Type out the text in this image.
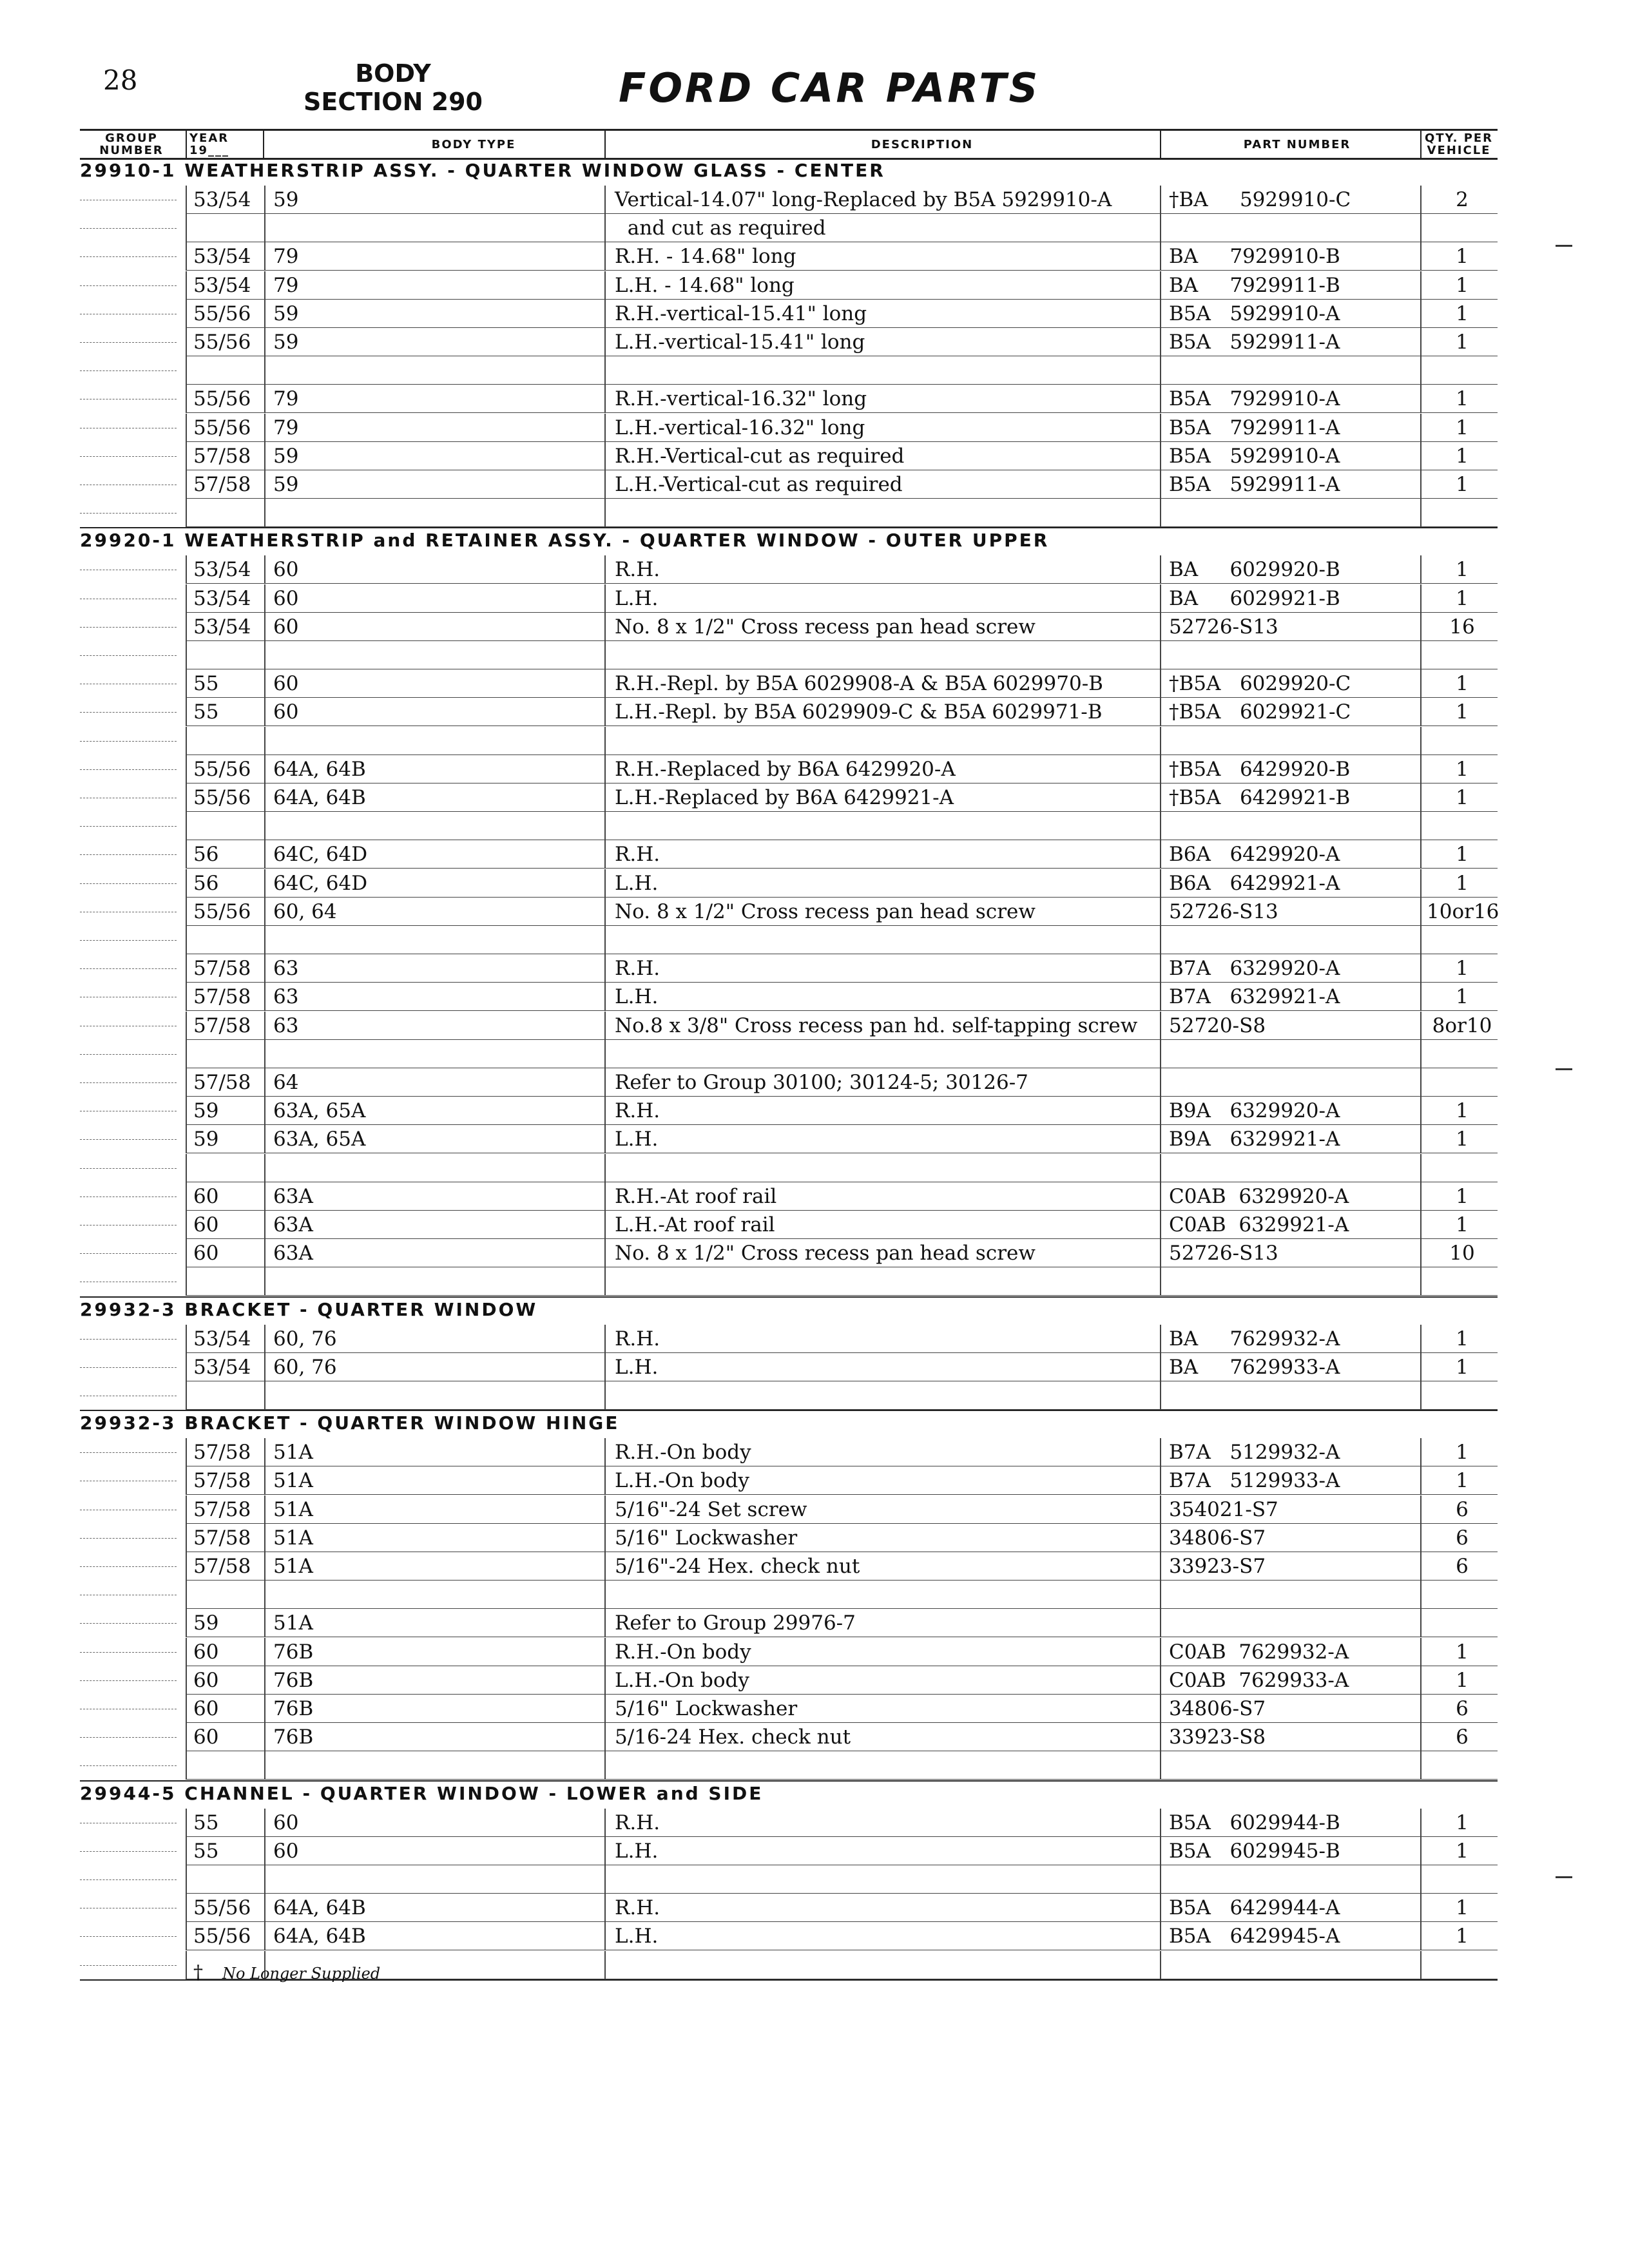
28	BODY
SECTION 290	FORD CAR PARTS
GROUP
NUMBER
YEAR
19___	BODY TYPE	DESCRIPTION	PART NUMBER	QTY. PER
VEHICLE
29910-1 WEATHERSTRIP ASSY. - QUARTER WINDOW GLASS - CENTER
53/54 59	Vertical-14.07" long-Replaced by B5A 5929910-A	†BA     5929910-C	2
and cut as required
53/54 79	R.H. - 14.68" long	BA     7929910-B	1
53/54 79	L.H. - 14.68" long	BA     7929911-B	1
55/56 59	R.H.-vertical-15.41" long	B5A   5929910-A	1
55/56 59	L.H.-vertical-15.41" long	B5A   5929911-A	1
55/56 79	R.H.-vertical-16.32" long	B5A   7929910-A	1
55/56 79	L.H.-vertical-16.32" long	B5A   7929911-A	1
57/58 59	R.H.-Vertical-cut as required	B5A   5929910-A	1
57/58 59	L.H.-Vertical-cut as required	B5A   5929911-A	1
29920-1 WEATHERSTRIP and RETAINER ASSY. - QUARTER WINDOW - OUTER UPPER
53/54 60	R.H.	BA     6029920-B	1
53/54 60	L.H.	BA     6029921-B	1
53/54 60	No. 8 x 1/2" Cross recess pan head screw	52726-S13	16
55	60	R.H.-Repl. by B5A 6029908-A & B5A 6029970-B	†B5A   6029920-C	1
55	60	L.H.-Repl. by B5A 6029909-C & B5A 6029971-B	†B5A   6029921-C	1
55/56 64A, 64B	R.H.-Replaced by B6A 6429920-A	†B5A   6429920-B	1
55/56 64A, 64B	L.H.-Replaced by B6A 6429921-A	†B5A   6429921-B	1
56	64C, 64D	R.H.	B6A   6429920-A	1
56	64C, 64D	L.H.	B6A   6429921-A	1
55/56 60, 64	No. 8 x 1/2" Cross recess pan head screw	52726-S13	10or16
57/58 63	R.H.	B7A   6329920-A	1
57/58 63	L.H.	B7A   6329921-A	1
57/58 63	No.8 x 3/8" Cross recess pan hd. self-tapping screw 52720-S8	8or10
57/58 64	Refer to Group 30100; 30124-5; 30126-7
59	63A, 65A	R.H.	B9A   6329920-A	1
59	63A, 65A	L.H.	B9A   6329921-A	1
60	63A	R.H.-At roof rail	C0AB  6329920-A	1
60	63A	L.H.-At roof rail	C0AB  6329921-A	1
60	63A	No. 8 x 1/2" Cross recess pan head screw	52726-S13	10
29932-3 BRACKET - QUARTER WINDOW
53/54 60, 76	R.H.	BA     7629932-A	1
53/54 60, 76	L.H.	BA     7629933-A	1
29932-3 BRACKET - QUARTER WINDOW HINGE
57/58 51A	R.H.-On body	B7A   5129932-A	1
57/58 51A	L.H.-On body	B7A   5129933-A	1
57/58 51A	5/16"-24 Set screw	354021-S7	6
57/58 51A	5/16" Lockwasher	34806-S7	6
57/58 51A	5/16"-24 Hex. check nut	33923-S7	6
59	51A	Refer to Group 29976-7
60	76B	R.H.-On body	C0AB  7629932-A	1
60	76B	L.H.-On body	C0AB  7629933-A	1
60	76B	5/16" Lockwasher	34806-S7	6
60	76B	5/16-24 Hex. check nut	33923-S8	6
29944-5 CHANNEL - QUARTER WINDOW - LOWER and SIDE
55	60	R.H.	B5A   6029944-B	1
55	60	L.H.	B5A   6029945-B	1
55/56 64A, 64B	R.H.	B5A   6429944-A	1
55/56 64A, 64B	L.H.	B5A   6429945-A	1
† No Longer Supplied
